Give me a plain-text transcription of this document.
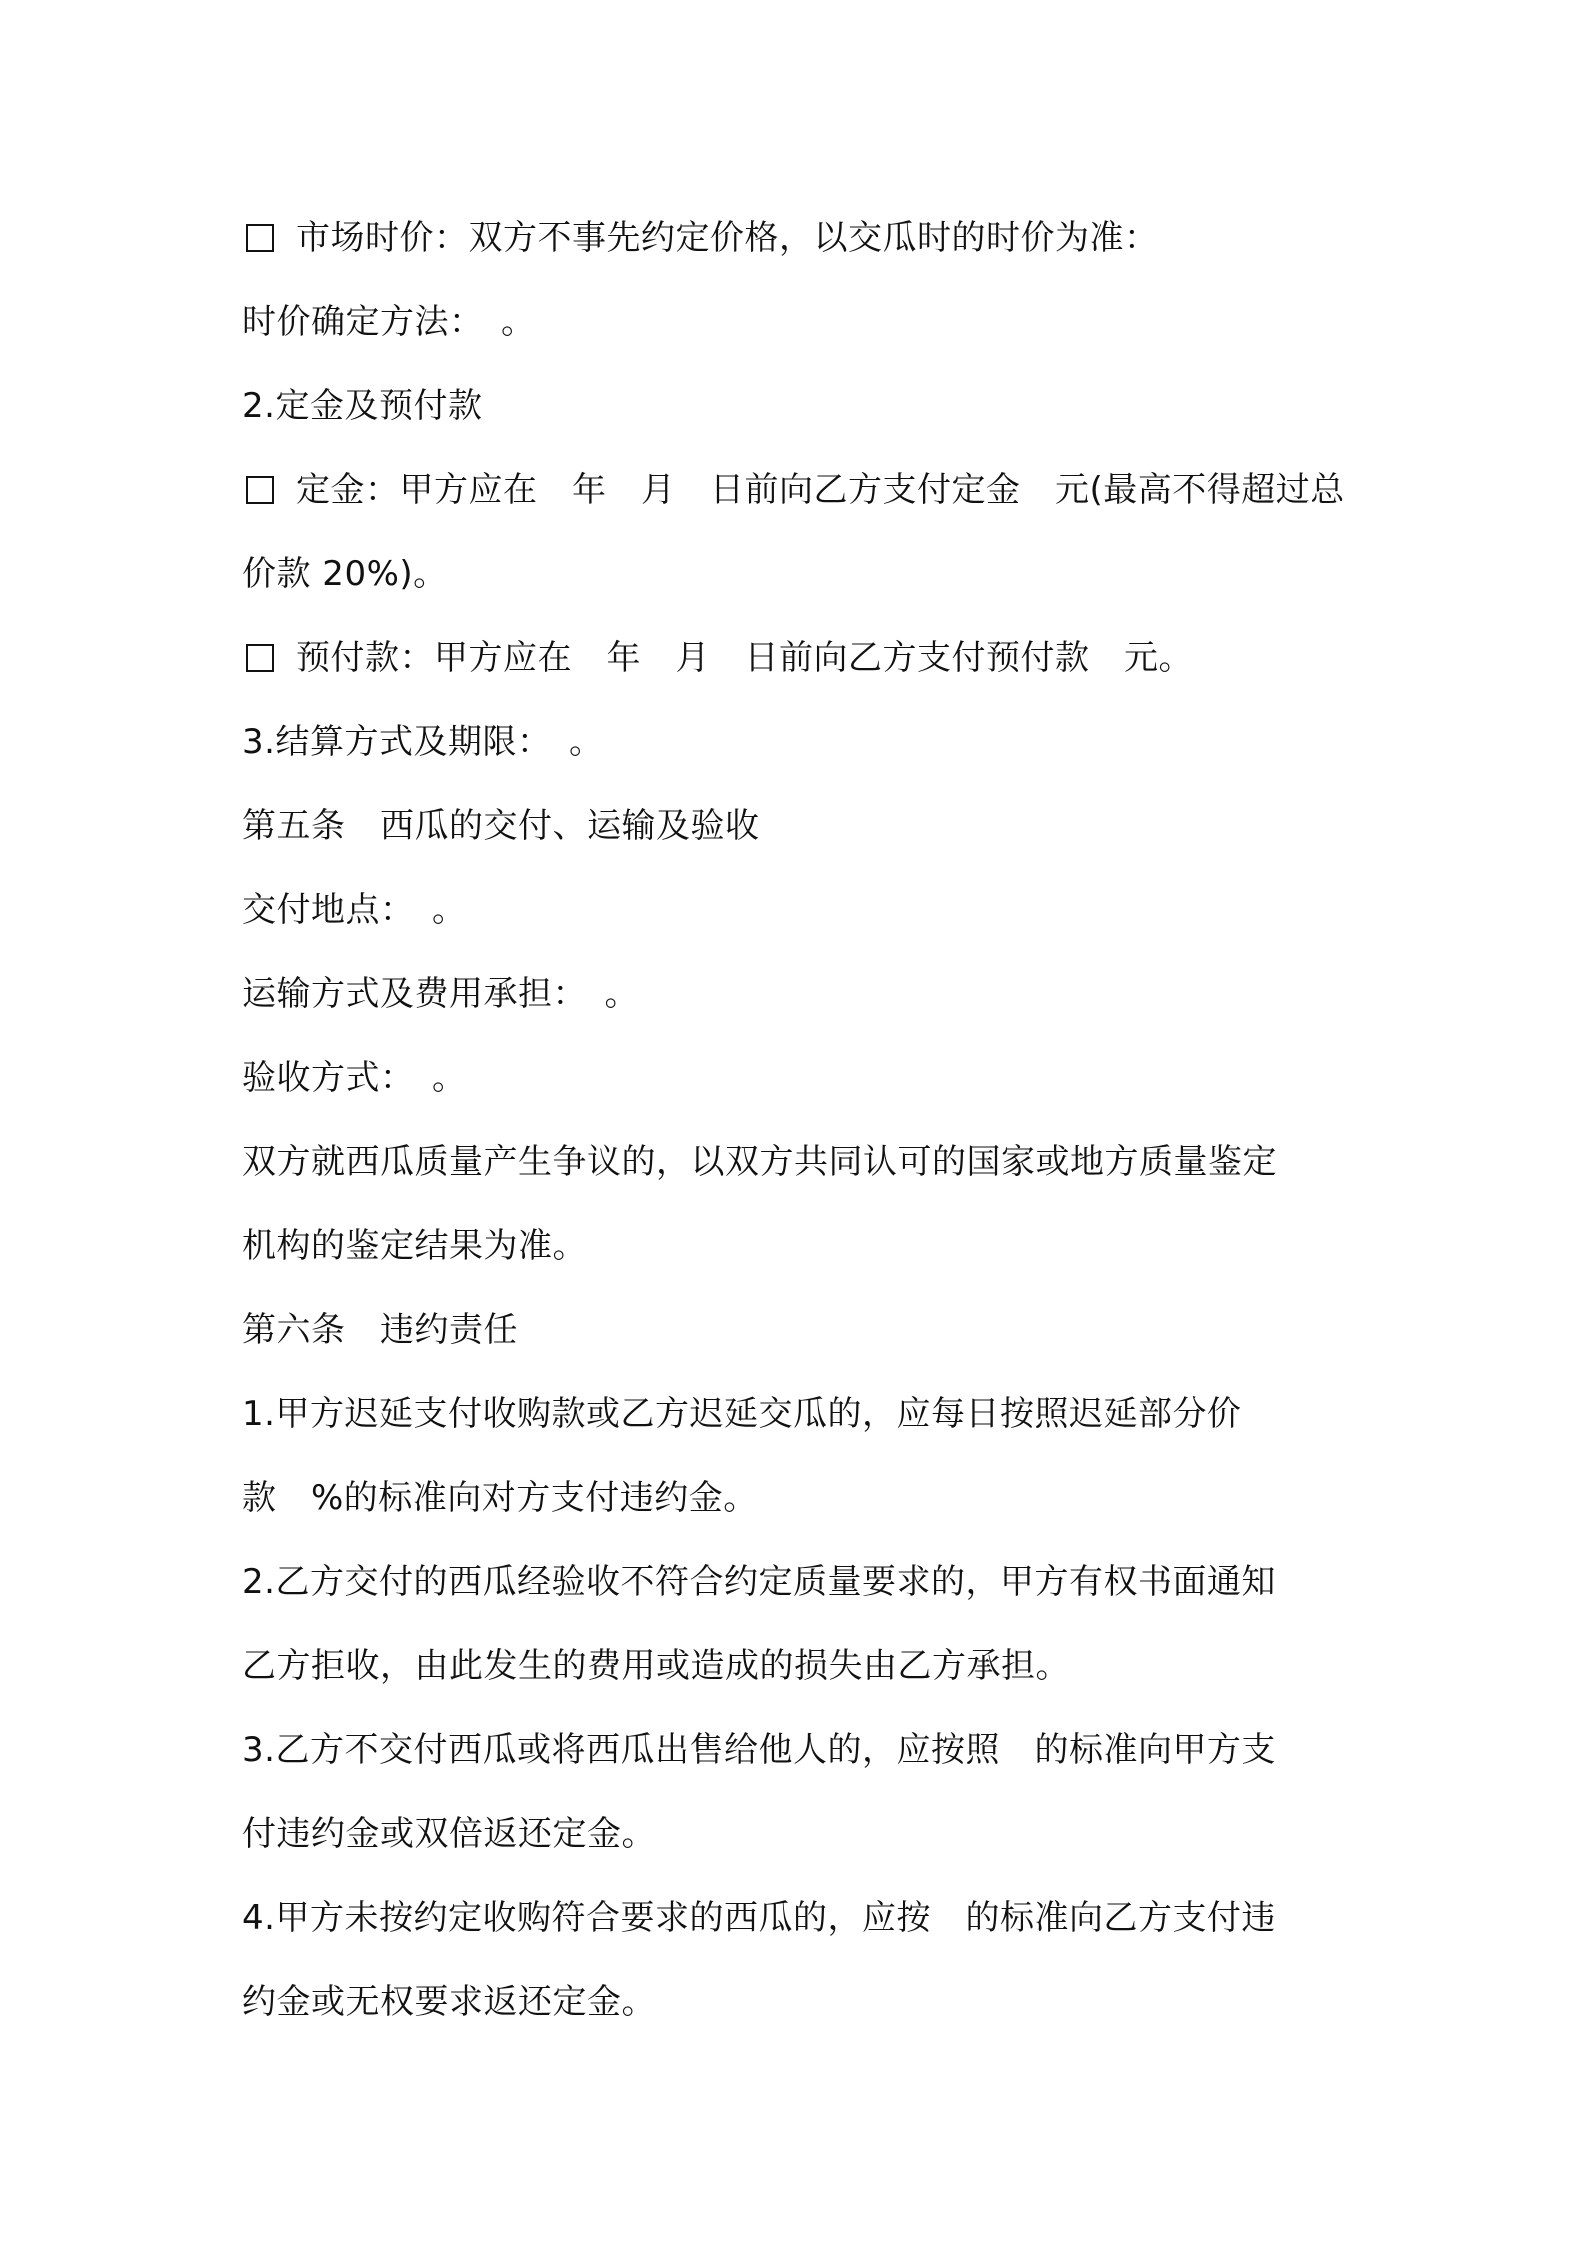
市场时价：双方不事先约定价格，以交瓜时的时价为准：
时价确定方法：　。
2.定金及预付款
定金：甲方应在　年　月　日前向乙方支付定金　元(最高不得超过总
价款 20%)。
预付款：甲方应在　年　月　日前向乙方支付预付款　元。
3.结算方式及期限：　。
第五条　西瓜的交付、运输及验收
交付地点：　。
运输方式及费用承担：　。
验收方式：　。
双方就西瓜质量产生争议的，以双方共同认可的国家或地方质量鉴定
机构的鉴定结果为准。
第六条　违约责任
1.甲方迟延支付收购款或乙方迟延交瓜的，应每日按照迟延部分价
款　%的标准向对方支付违约金。
2.乙方交付的西瓜经验收不符合约定质量要求的，甲方有权书面通知
乙方拒收，由此发生的费用或造成的损失由乙方承担。
3.乙方不交付西瓜或将西瓜出售给他人的，应按照　的标准向甲方支
付违约金或双倍返还定金。
4.甲方未按约定收购符合要求的西瓜的，应按　的标准向乙方支付违
约金或无权要求返还定金。
